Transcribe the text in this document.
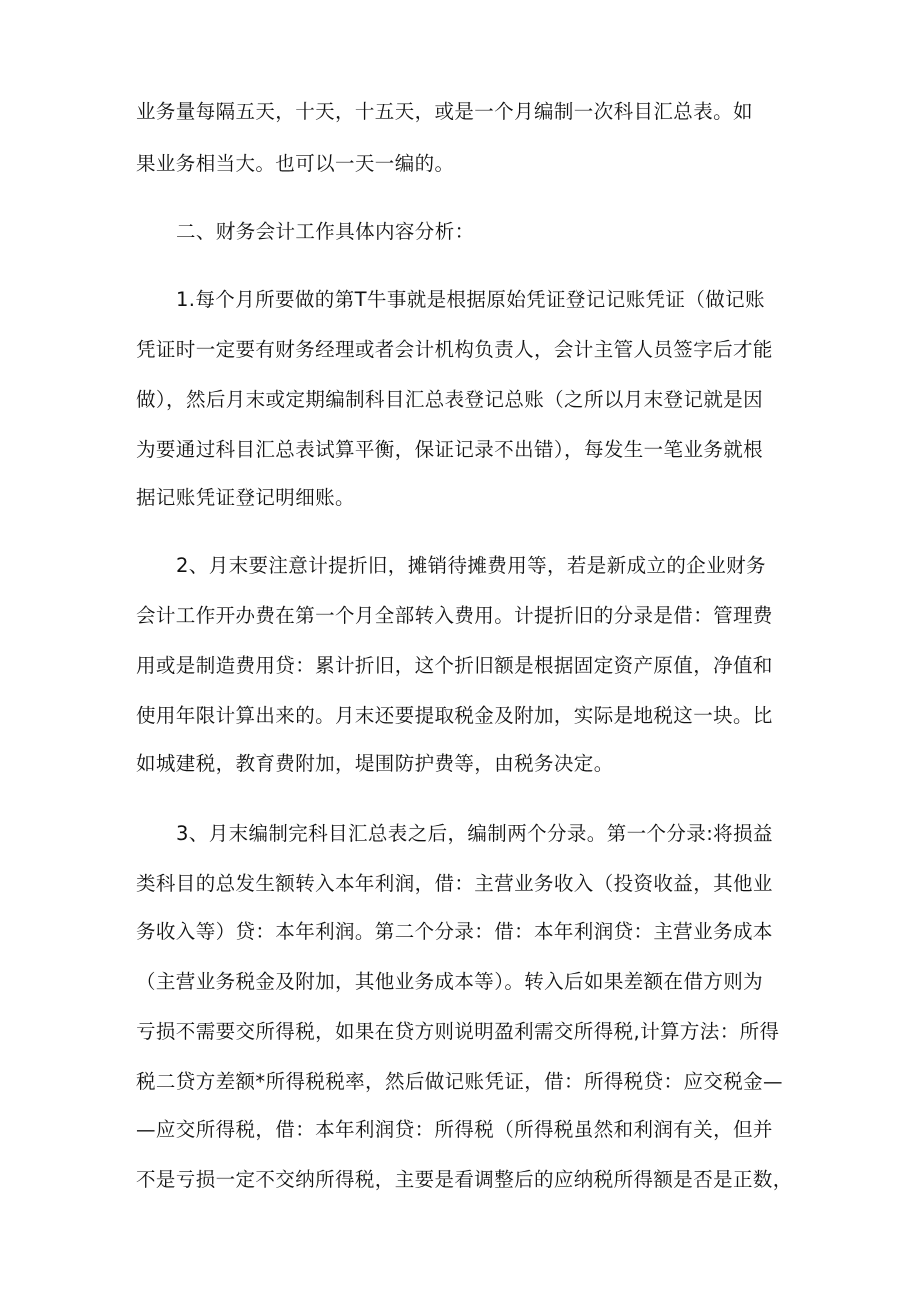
业务量每隔五天，十天，十五天，或是一个月编制一次科目汇总表。如
果业务相当大。也可以一天一编的。
二、财务会计工作具体内容分析：
1.每个月所要做的第T牛事就是根据原始凭证登记记账凭证（做记账
凭证时一定要有财务经理或者会计机构负责人，会计主管人员签字后才能
做），然后月末或定期编制科目汇总表登记总账（之所以月末登记就是因
为要通过科目汇总表试算平衡，保证记录不出错），每发生一笔业务就根
据记账凭证登记明细账。
2、月末要注意计提折旧，摊销待摊费用等，若是新成立的企业财务
会计工作开办费在第一个月全部转入费用。计提折旧的分录是借：管理费
用或是制造费用贷：累计折旧，这个折旧额是根据固定资产原值，净值和
使用年限计算出来的。月末还要提取税金及附加，实际是地税这一块。比
如城建税，教育费附加，堤围防护费等，由税务决定。
3、月末编制完科目汇总表之后，编制两个分录。第一个分录:将损益
类科目的总发生额转入本年利润，借：主营业务收入（投资收益，其他业
务收入等）贷：本年利润。第二个分录：借：本年利润贷：主营业务成本
（主营业务税金及附加，其他业务成本等）。转入后如果差额在借方则为
亏损不需要交所得税，如果在贷方则说明盈利需交所得税,计算方法：所得
税二贷方差额*所得税税率，然后做记账凭证，借：所得税贷：应交税金—
—应交所得税，借：本年利润贷：所得税（所得税虽然和利润有关，但并
不是亏损一定不交纳所得税，主要是看调整后的应纳税所得额是否是正数，
